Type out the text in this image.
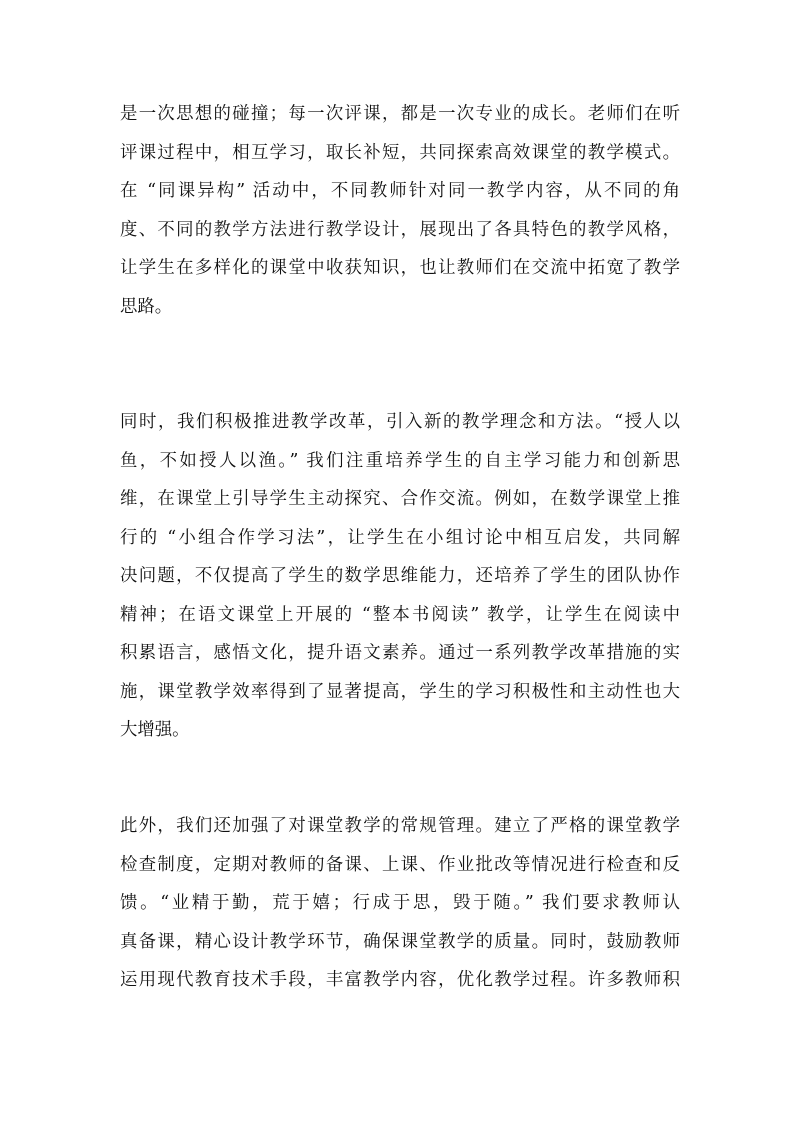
是一次思想的碰撞；每一次评课，都是一次专业的成长。老师们在听
评课过程中，相互学习，取长补短，共同探索高效课堂的教学模式。
在 “同课异构” 活动中，不同教师针对同一教学内容，从不同的角
度、不同的教学方法进行教学设计，展现出了各具特色的教学风格，
让学生在多样化的课堂中收获知识，也让教师们在交流中拓宽了教学
思路。
同时，我们积极推进教学改革，引入新的教学理念和方法。“授人以
鱼，不如授人以渔。” 我们注重培养学生的自主学习能力和创新思
维，在课堂上引导学生主动探究、合作交流。例如，在数学课堂上推
行的 “小组合作学习法”，让学生在小组讨论中相互启发，共同解
决问题，不仅提高了学生的数学思维能力，还培养了学生的团队协作
精神；在语文课堂上开展的 “整本书阅读” 教学，让学生在阅读中
积累语言，感悟文化，提升语文素养。通过一系列教学改革措施的实
施，课堂教学效率得到了显著提高，学生的学习积极性和主动性也大
大增强。
此外，我们还加强了对课堂教学的常规管理。建立了严格的课堂教学
检查制度，定期对教师的备课、上课、作业批改等情况进行检查和反
馈。“业精于勤，荒于嬉；行成于思，毁于随。” 我们要求教师认
真备课，精心设计教学环节，确保课堂教学的质量。同时，鼓励教师
运用现代教育技术手段，丰富教学内容，优化教学过程。许多教师积
